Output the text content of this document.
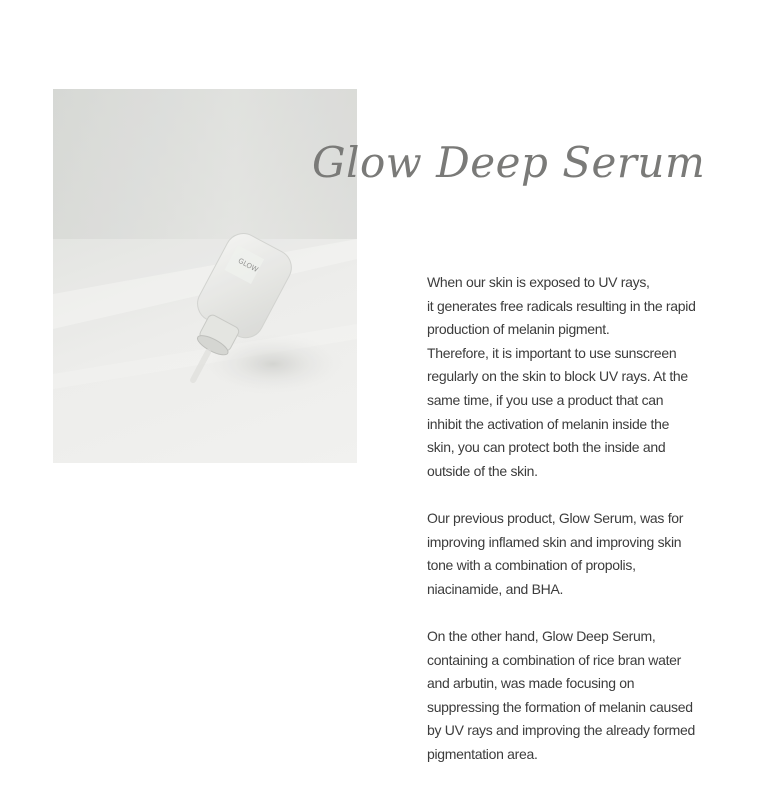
GLOW
Glow Deep Serum

When our skin is exposed to UV rays,
it generates free radicals resulting in the rapid
production of melanin pigment.
Therefore, it is important to use sunscreen
regularly on the skin to block UV rays. At the
same time, if you use a product that can
inhibit the activation of melanin inside the
skin, you can protect both the inside and
outside of the skin.

Our previous product, Glow Serum, was for
improving inflamed skin and improving skin
tone with a combination of propolis,
niacinamide, and BHA.

On the other hand, Glow Deep Serum,
containing a combination of rice bran water
and arbutin, was made focusing on
suppressing the formation of melanin caused
by UV rays and improving the already formed
pigmentation area.
